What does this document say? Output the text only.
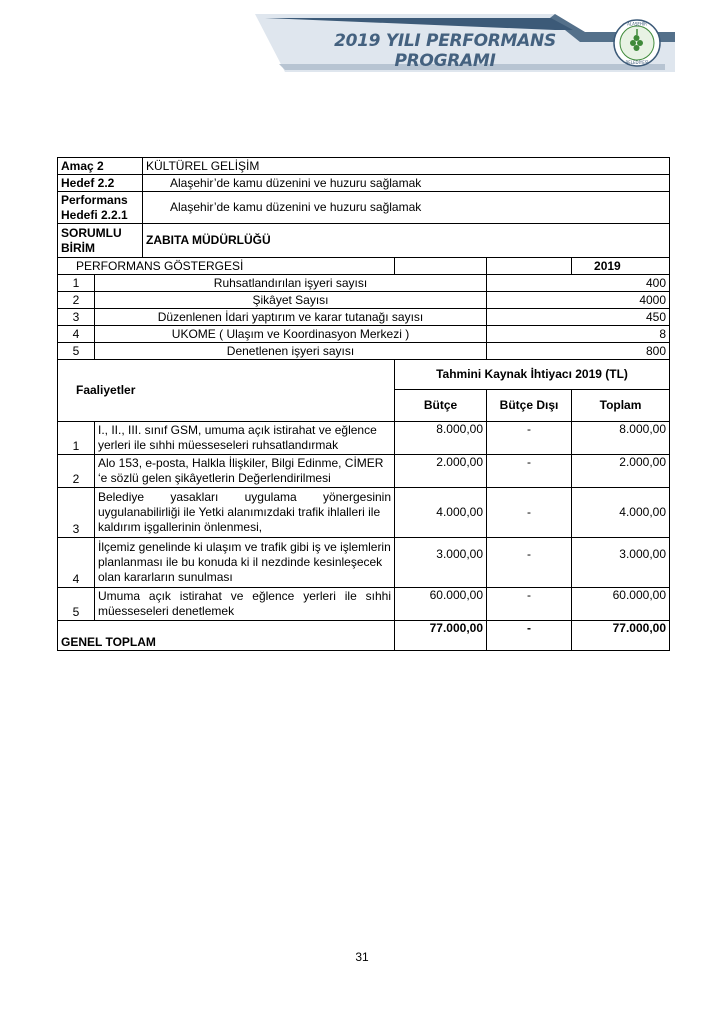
2019 YILI PERFORMANS PROGRAMI
ALAŞEHİR
BELEDİYESİ
Amaç 2		KÜLTÜREL GELİŞİM			
Hedef 2.2		Alaşehir’de kamu düzenini ve huzuru sağlamak			

Performans
Hedefi 2.2.1		Alaşehir’de kamu düzenini ve huzuru sağlamak			

SORUMLU
BİRİM		ZABITA MÜDÜRLÜĞÜ			
PERFORMANS GÖSTERGESİ					2019
1	Ruhsatlandırılan işyeri sayısı			400	
2	Şikâyet Sayısı			4000	
3	Düzenlenen İdari yaptırım ve karar tutanağı sayısı			450	
4	UKOME ( Ulaşım ve Koordinasyon Merkezi )			8	
5	Denetlenen işyeri sayısı			800	
Faaliyetler			Tahmini Kaynak İhtiyacı 2019 (TL)		
			Bütçe	Bütçe Dışı	Toplam
1	I., II., III. sınıf GSM, umuma açık istirahat ve eğlence
yerleri ile sıhhi müesseseleri ruhsatlandırmak		8.000,00	-	8.000,00
2	Alo 153, e-posta, Halkla İlişkiler, Bilgi Edinme, CİMER
‘e sözlü gelen şikâyetlerin Değerlendirilmesi		2.000,00	-	2.000,00
3	Belediye yasakları uygulama yönergesinin
uygulanabilirliği ile Yetki alanımızdaki trafik ihlalleri ile
kaldırım işgallerinin önlenmesi,		4.000,00	-	4.000,00
4	İlçemiz genelinde ki ulaşım ve trafik gibi iş ve işlemlerin
planlanması ile bu konuda ki il nezdinde kesinleşecek
olan kararların sunulması		3.000,00	-	3.000,00
5	Umuma açık istirahat ve eğlence yerleri ile sıhhi
müesseseleri denetlemek		60.000,00	-	60.000,00
GENEL TOPLAM			77.000,00	-	77.000,00
31
